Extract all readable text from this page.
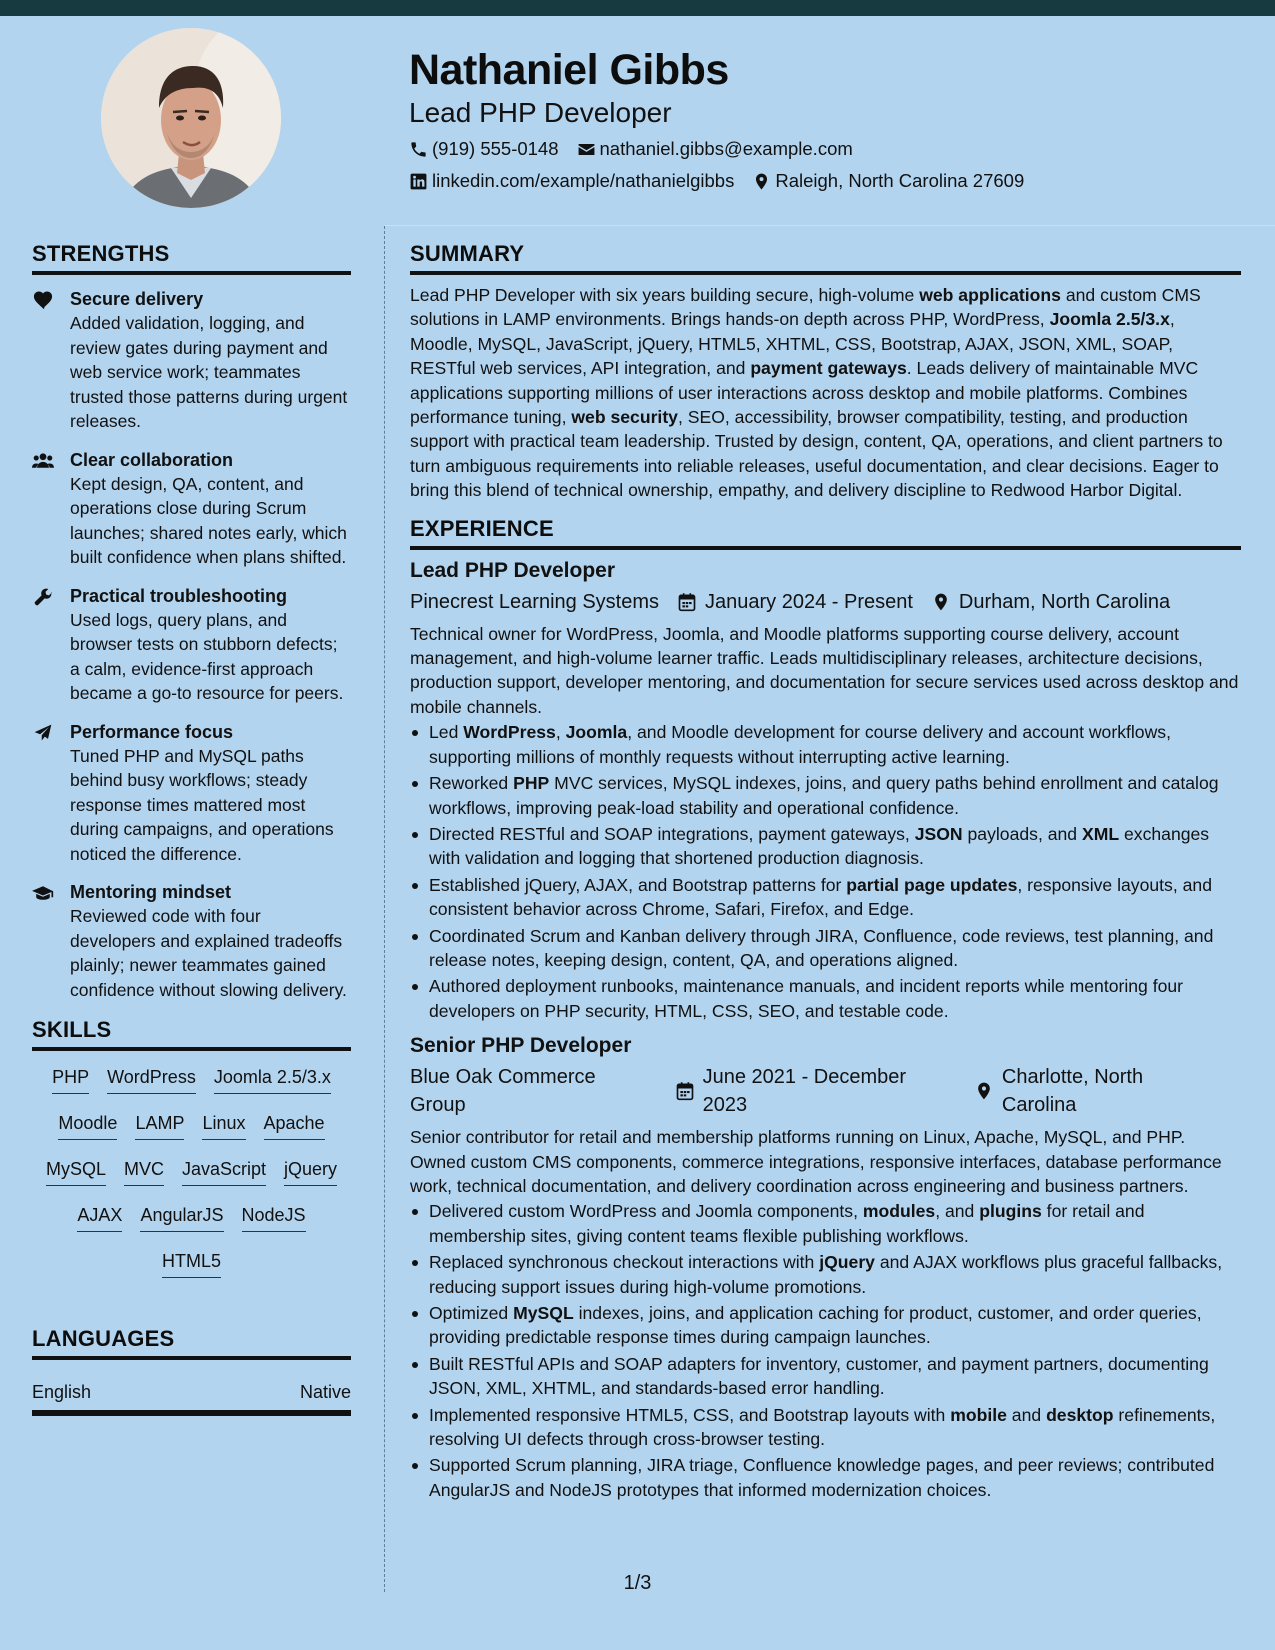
Nathaniel Gibbs
Lead PHP Developer
(919) 555-0148 nathaniel.gibbs@example.com
linkedin.com/example/nathanielgibbs Raleigh, North Carolina 27609
STRENGTHS
Secure delivery
Added validation, logging, and review gates during payment and web service work; teammates trusted those patterns during urgent releases.
Clear collaboration
Kept design, QA, content, and operations close during Scrum launches; shared notes early, which built confidence when plans shifted.
Practical troubleshooting
Used logs, query plans, and browser tests on stubborn defects; a calm, evidence-first approach became a go-to resource for peers.
Performance focus
Tuned PHP and MySQL paths behind busy workflows; steady response times mattered most during campaigns, and operations noticed the difference.
Mentoring mindset
Reviewed code with four developers and explained tradeoffs plainly; newer teammates gained confidence without slowing delivery.
SKILLS
PHP WordPress Joomla 2.5/3.x
Moodle LAMP Linux Apache
MySQL MVC JavaScript jQuery
AJAX AngularJS NodeJS
HTML5
LANGUAGES
English	Native
SUMMARY
Lead PHP Developer with six years building secure, high-volume web applications and custom CMS solutions in LAMP environments. Brings hands-on depth across PHP, WordPress, Joomla 2.5/3.x, Moodle, MySQL, JavaScript, jQuery, HTML5, XHTML, CSS, Bootstrap, AJAX, JSON, XML, SOAP, RESTful web services, API integration, and payment gateways. Leads delivery of maintainable MVC applications supporting millions of user interactions across desktop and mobile platforms. Combines performance tuning, web security, SEO, accessibility, browser compatibility, testing, and production support with practical team leadership. Trusted by design, content, QA, operations, and client partners to turn ambiguous requirements into reliable releases, useful documentation, and clear decisions. Eager to bring this blend of technical ownership, empathy, and delivery discipline to Redwood Harbor Digital.
EXPERIENCE
Lead PHP Developer
Pinecrest Learning Systems January 2024 - Present Durham, North Carolina
Technical owner for WordPress, Joomla, and Moodle platforms supporting course delivery, account management, and high-volume learner traffic. Leads multidisciplinary releases, architecture decisions, production support, developer mentoring, and documentation for secure services used across desktop and mobile channels.
Led WordPress, Joomla, and Moodle development for course delivery and account workflows, supporting millions of monthly requests without interrupting active learning.
Reworked PHP MVC services, MySQL indexes, joins, and query paths behind enrollment and catalog workflows, improving peak-load stability and operational confidence.
Directed RESTful and SOAP integrations, payment gateways, JSON payloads, and XML exchanges with validation and logging that shortened production diagnosis.
Established jQuery, AJAX, and Bootstrap patterns for partial page updates, responsive layouts, and consistent behavior across Chrome, Safari, Firefox, and Edge.
Coordinated Scrum and Kanban delivery through JIRA, Confluence, code reviews, test planning, and release notes, keeping design, content, QA, and operations aligned.
Authored deployment runbooks, maintenance manuals, and incident reports while mentoring four developers on PHP security, HTML, CSS, SEO, and testable code.
Senior PHP Developer
Blue Oak Commerce Group
June 2021 - December 2023
Charlotte, North Carolina
Senior contributor for retail and membership platforms running on Linux, Apache, MySQL, and PHP. Owned custom CMS components, commerce integrations, responsive interfaces, database performance work, technical documentation, and delivery coordination across engineering and business partners.
Delivered custom WordPress and Joomla components, modules, and plugins for retail and membership sites, giving content teams flexible publishing workflows.
Replaced synchronous checkout interactions with jQuery and AJAX workflows plus graceful fallbacks, reducing support issues during high-volume promotions.
Optimized MySQL indexes, joins, and application caching for product, customer, and order queries, providing predictable response times during campaign launches.
Built RESTful APIs and SOAP adapters for inventory, customer, and payment partners, documenting JSON, XML, XHTML, and standards-based error handling.
Implemented responsive HTML5, CSS, and Bootstrap layouts with mobile and desktop refinements, resolving UI defects through cross-browser testing.
Supported Scrum planning, JIRA triage, Confluence knowledge pages, and peer reviews; contributed AngularJS and NodeJS prototypes that informed modernization choices.
1/3
